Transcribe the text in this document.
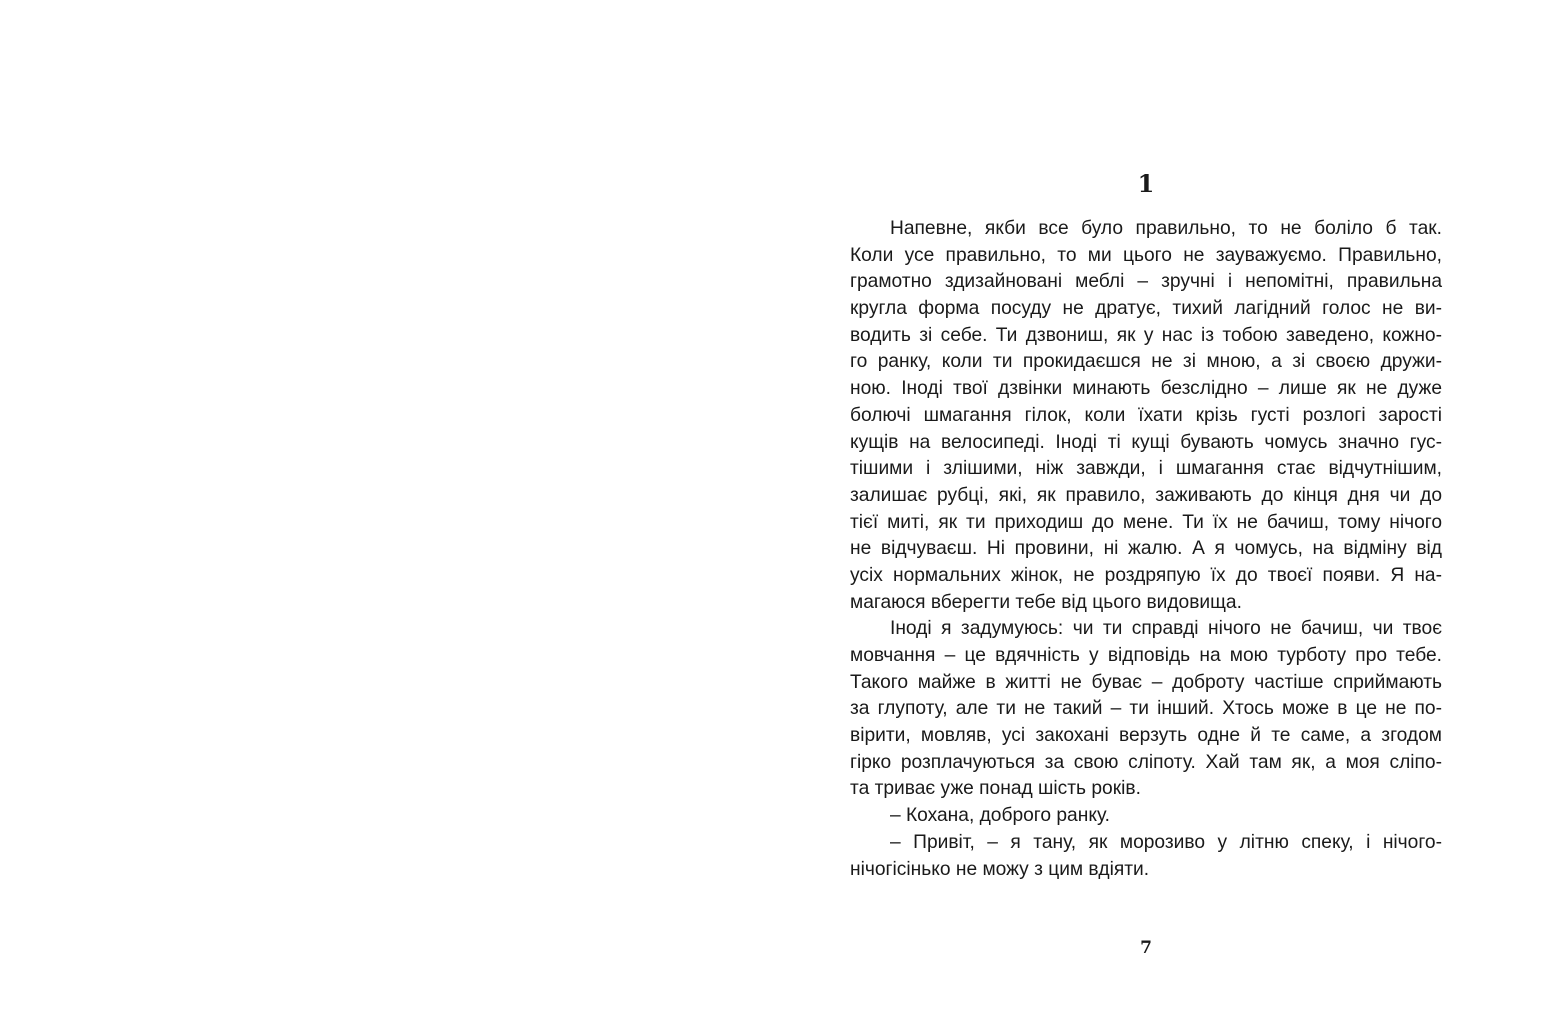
1
Напевне, якби все було правильно, то не боліло б так.
Коли усе правильно, то ми цього не зауважуємо. Правильно,
грамотно здизайновані меблі – зручні і непомітні, правильна
кругла форма посуду не дратує, тихий лагідний голос не ви-
водить зі себе. Ти дзвониш, як у нас із тобою заведено, кожно-
го ранку, коли ти прокидаєшся не зі мною, а зі своєю дружи-
ною. Іноді твої дзвінки минають безслідно – лише як не дуже
болючі шмагання гілок, коли їхати крізь густі розлогі зарості
кущів на велосипеді. Іноді ті кущі бувають чомусь значно гус-
тішими і злішими, ніж завжди, і шмагання стає відчутнішим,
залишає рубці, які, як правило, заживають до кінця дня чи до
тієї миті, як ти приходиш до мене. Ти їх не бачиш, тому нічого
не відчуваєш. Ні провини, ні жалю. А я чомусь, на відміну від
усіх нормальних жінок, не роздряпую їх до твоєї появи. Я на-
магаюся вберегти тебе від цього видовища.
Іноді я задумуюсь: чи ти справді нічого не бачиш, чи твоє
мовчання – це вдячність у відповідь на мою турботу про тебе.
Такого майже в житті не буває – доброту частіше сприймають
за глупоту, але ти не такий – ти інший. Хтось може в це не по-
вірити, мовляв, усі закохані верзуть одне й те саме, а згодом
гірко розплачуються за свою сліпоту. Хай там як, а моя сліпо-
та триває уже понад шість років.
– Кохана, доброго ранку.
– Привіт, – я тану, як морозиво у літню спеку, і нічого-
нічогісінько не можу з цим вдіяти.
7
